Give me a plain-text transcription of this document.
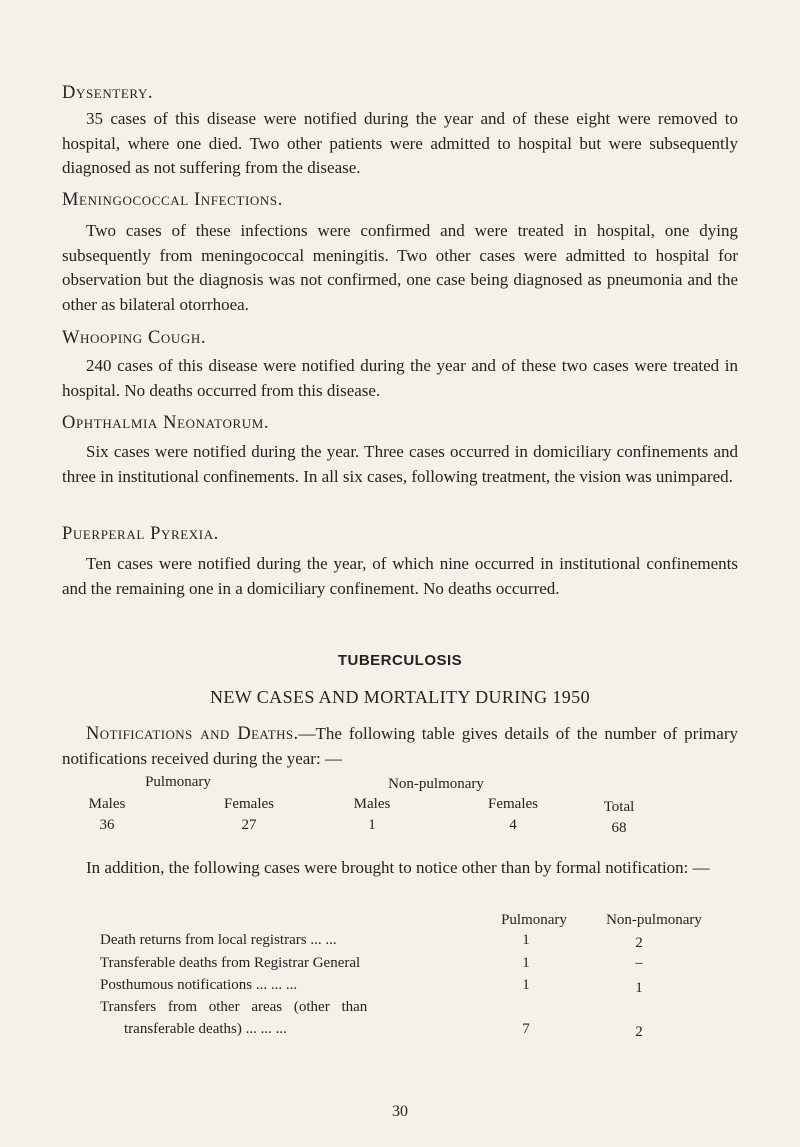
Dysentery.
35 cases of this disease were notified during the year and of these eight were removed to hospital, where one died. Two other patients were admitted to hospital but were subsequently diagnosed as not suffering from the disease.
Meningococcal Infections.
Two cases of these infections were confirmed and were treated in hospital, one dying subsequently from meningococcal meningitis. Two other cases were admitted to hospital for observation but the diagnosis was not confirmed, one case being diagnosed as pneumonia and the other as bilateral otorrhoea.
Whooping Cough.
240 cases of this disease were notified during the year and of these two cases were treated in hospital. No deaths occurred from this disease.
Ophthalmia Neonatorum.
Six cases were notified during the year. Three cases occurred in domiciliary confinements and three in institutional confinements. In all six cases, following treatment, the vision was unimpared.
Puerperal Pyrexia.
Ten cases were notified during the year, of which nine occurred in institutional confinements and the remaining one in a domiciliary confinement. No deaths occurred.
TUBERCULOSIS
NEW CASES AND MORTALITY DURING 1950
Notifications and Deaths.—The following table gives details of the number of primary notifications received during the year: —
Pulmonary	Non-pulmonary
Males	Females	Males	Females	Total
36	27	1	4	68
In addition, the following cases were brought to notice other than by formal notification: —
Pulmonary	Non-pulmonary
Death returns from local registrars ... ...	1	2
Transferable deaths from Registrar General	1	–
Posthumous notifications ... ... ...	1	1
Transfers from other areas (other than
transferable deaths) ... ... ...	7	2
30
